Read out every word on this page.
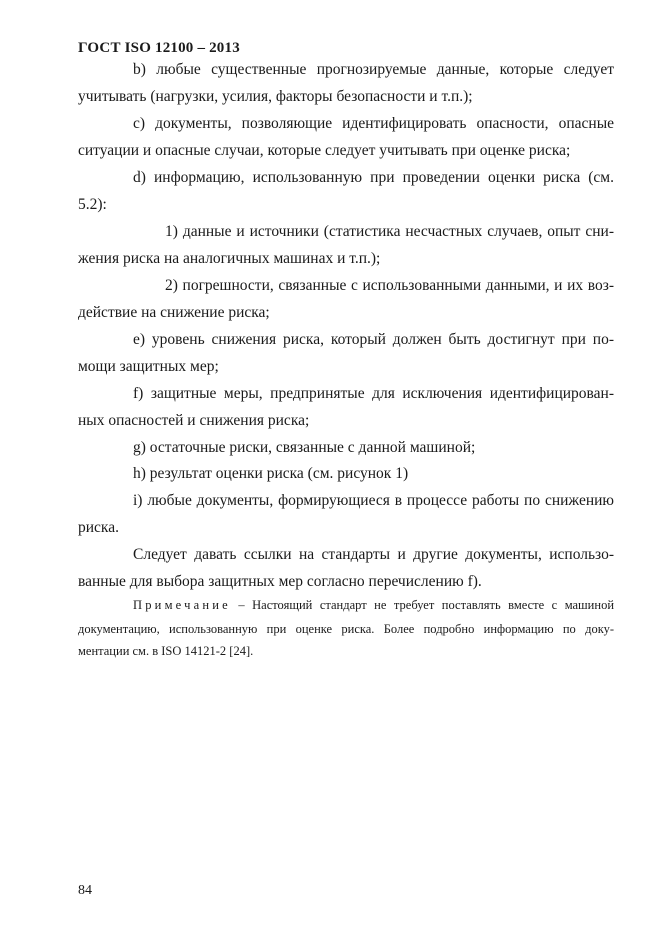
ГОСТ ISO 12100 – 2013
b) любые существенные прогнозируемые данные, которые следует
учитывать (нагрузки, усилия, факторы безопасности и т.п.);
c) документы, позволяющие идентифицировать опасности, опасные
ситуации и опасные случаи, которые следует учитывать при оценке риска;
d) информацию, использованную при проведении оценки риска (см.
5.2):
1) данные и источники (статистика несчастных случаев, опыт сни-
жения риска на аналогичных машинах и т.п.);
2) погрешности, связанные с использованными данными, и их воз-
действие на снижение риска;
e) уровень снижения риска, который должен быть достигнут при по-
мощи защитных мер;
f) защитные меры, предпринятые для исключения идентифицирован-
ных опасностей и снижения риска;
g) остаточные риски, связанные с данной машиной;
h) результат оценки риска (см. рисунок 1)
i) любые документы, формирующиеся в процессе работы по снижению
риска.
Следует давать ссылки на стандарты и другие документы, использо-
ванные для выбора защитных мер согласно перечислению f).
Примечание – Настоящий стандарт не требует поставлять вместе с машиной
документацию, использованную при оценке риска. Более подробно информацию по доку-
ментации см. в ISO 14121-2 [24].
84
